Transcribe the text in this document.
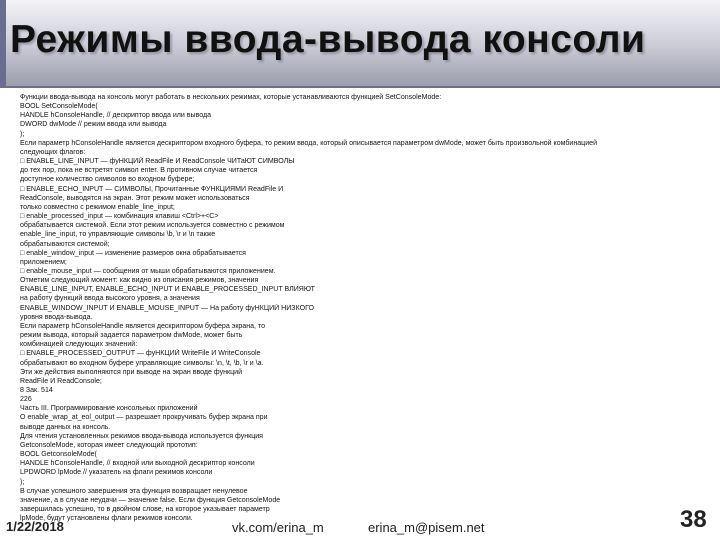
Режимы ввода-вывода консоли
Функции ввода-вывода на консоль могут работать в нескольких режимах, которые устанавливаются функцией SetConsoleMode:
BOOL SetConsoleMode(
HANDLE hConsoleHandle, // дескриптор ввода или вывода
DWORD dwMode // режим ввода или вывода
);
Если параметр hConsoleHandle является дескриптором входного буфера, то режим ввода, который описывается параметром dwMode, может быть произвольной комбинацией
следующих флагов:
□ ENABLE_LINE_INPUT — фуНКЦИЙ ReadFile И ReadConsole ЧИТаЮТ СИМВОЛЫ
до тех пор, пока не встретят символ enter. В противном случае читается
доступное количество символов во входном буфере;
□ ENABLE_ECHO_INPUT — СИМВОЛЫ, Прочитанные ФУНКЦИЯМИ ReadFile И
ReadConsole, выводятся на экран. Этот режим может использоваться
только совместно с режимом enable_line_input;
□ enable_processed_input — комбинация клавиш <Ctrl>+<C>
обрабатывается системой. Если этот режим используется совместно с режимом
enable_line_input, то управляющие символы \b, \r и \n также
обрабатываются системой;
□ enable_window_input — изменение размеров окна обрабатывается
приложением;
□ enable_mouse_input — сообщения от мыши обрабатываются приложением.
Отметим следующий момент: как видно из описания режимов, значения
ENABLE_LINE_INPUT, ENABLE_ECHO_INPUT И ENABLE_PROCESSED_INPUT ВЛИЯЮТ
на работу функций ввода высокого уровня, а значения
ENABLE_WINDOW_INPUT И ENABLE_MOUSE_INPUT — На работу фуНКЦИЙ НИЗКОГО
уровня ввода-вывода.
Если параметр hConsoleHandle является дескриптором буфера экрана, то
режим вывода, который задается параметром dwMode, может быть
комбинацией следующих значений:
□ ENABLE_PROCESSED_OUTPUT — фуНКЦИЙ WriteFile И WriteConsole
обрабатывают во входном буфере управляющие символы: \n, \t, \b, \r и \a.
Эти же действия выполняются при выводе на экран вводе функций
ReadFile И ReadConsole;
8 Зак. 514
226
Часть III. Программирование консольных приложений
O enable_wrap_at_eol_output — разрешает прокручивать буфер экрана при
выводе данных на консоль.
Для чтения установленных режимов ввода-вывода используется функция
GetconsoleMode, которая имеет следующий прототип:
BOOL GetconsoleMode(
HANDLE hConsoleHandle, // входной или выходной дескриптор консоли
LPDWORD lpMode // указатель на флаги режимов консоли
);
В случае успешного завершения эта функция возвращает ненулевое
значение, а в случае неудачи — значение false. Если функция GetconsoleMode
завершилась успешно, то в двойном слове, на которое указывает параметр
lpMode, будут установлены флаги режимов консоли.
1/22/2018	vk.com/erina_m	erina_m@pisem.net	38
